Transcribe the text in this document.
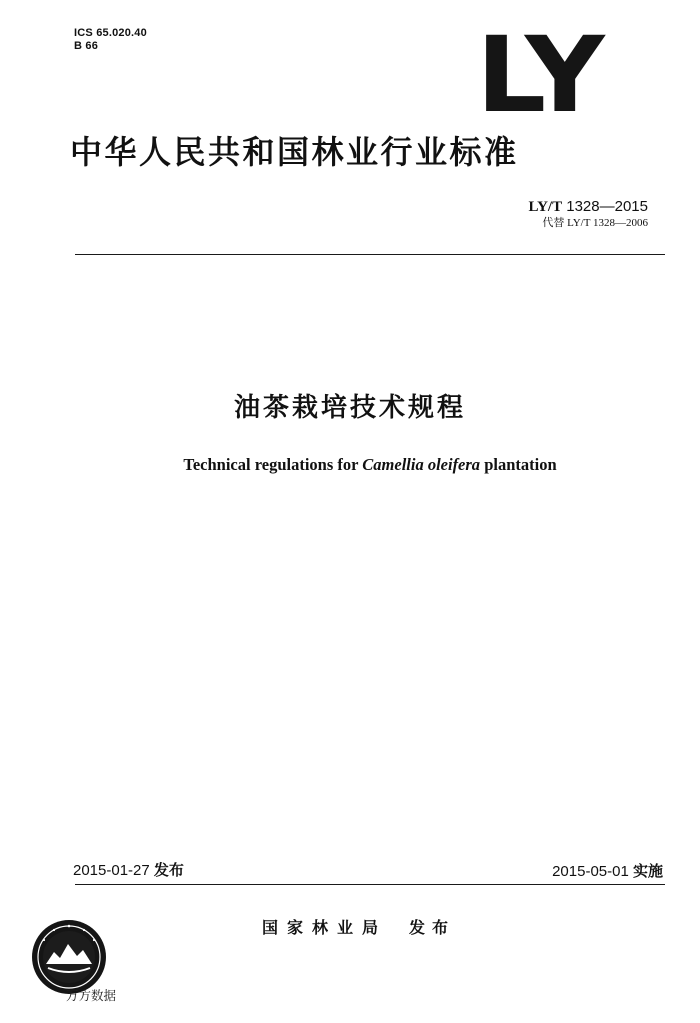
ICS 65.020.40
B 66	LY
中华人民共和国林业行业标准
LY/T 1328—2015
代替 LY/T 1328—2006
油茶栽培技术规程
Technical regulations for Camellia oleifera plantation
2015-01-27 发布	2015-05-01 实施
国家林业局 发布
万方数据
